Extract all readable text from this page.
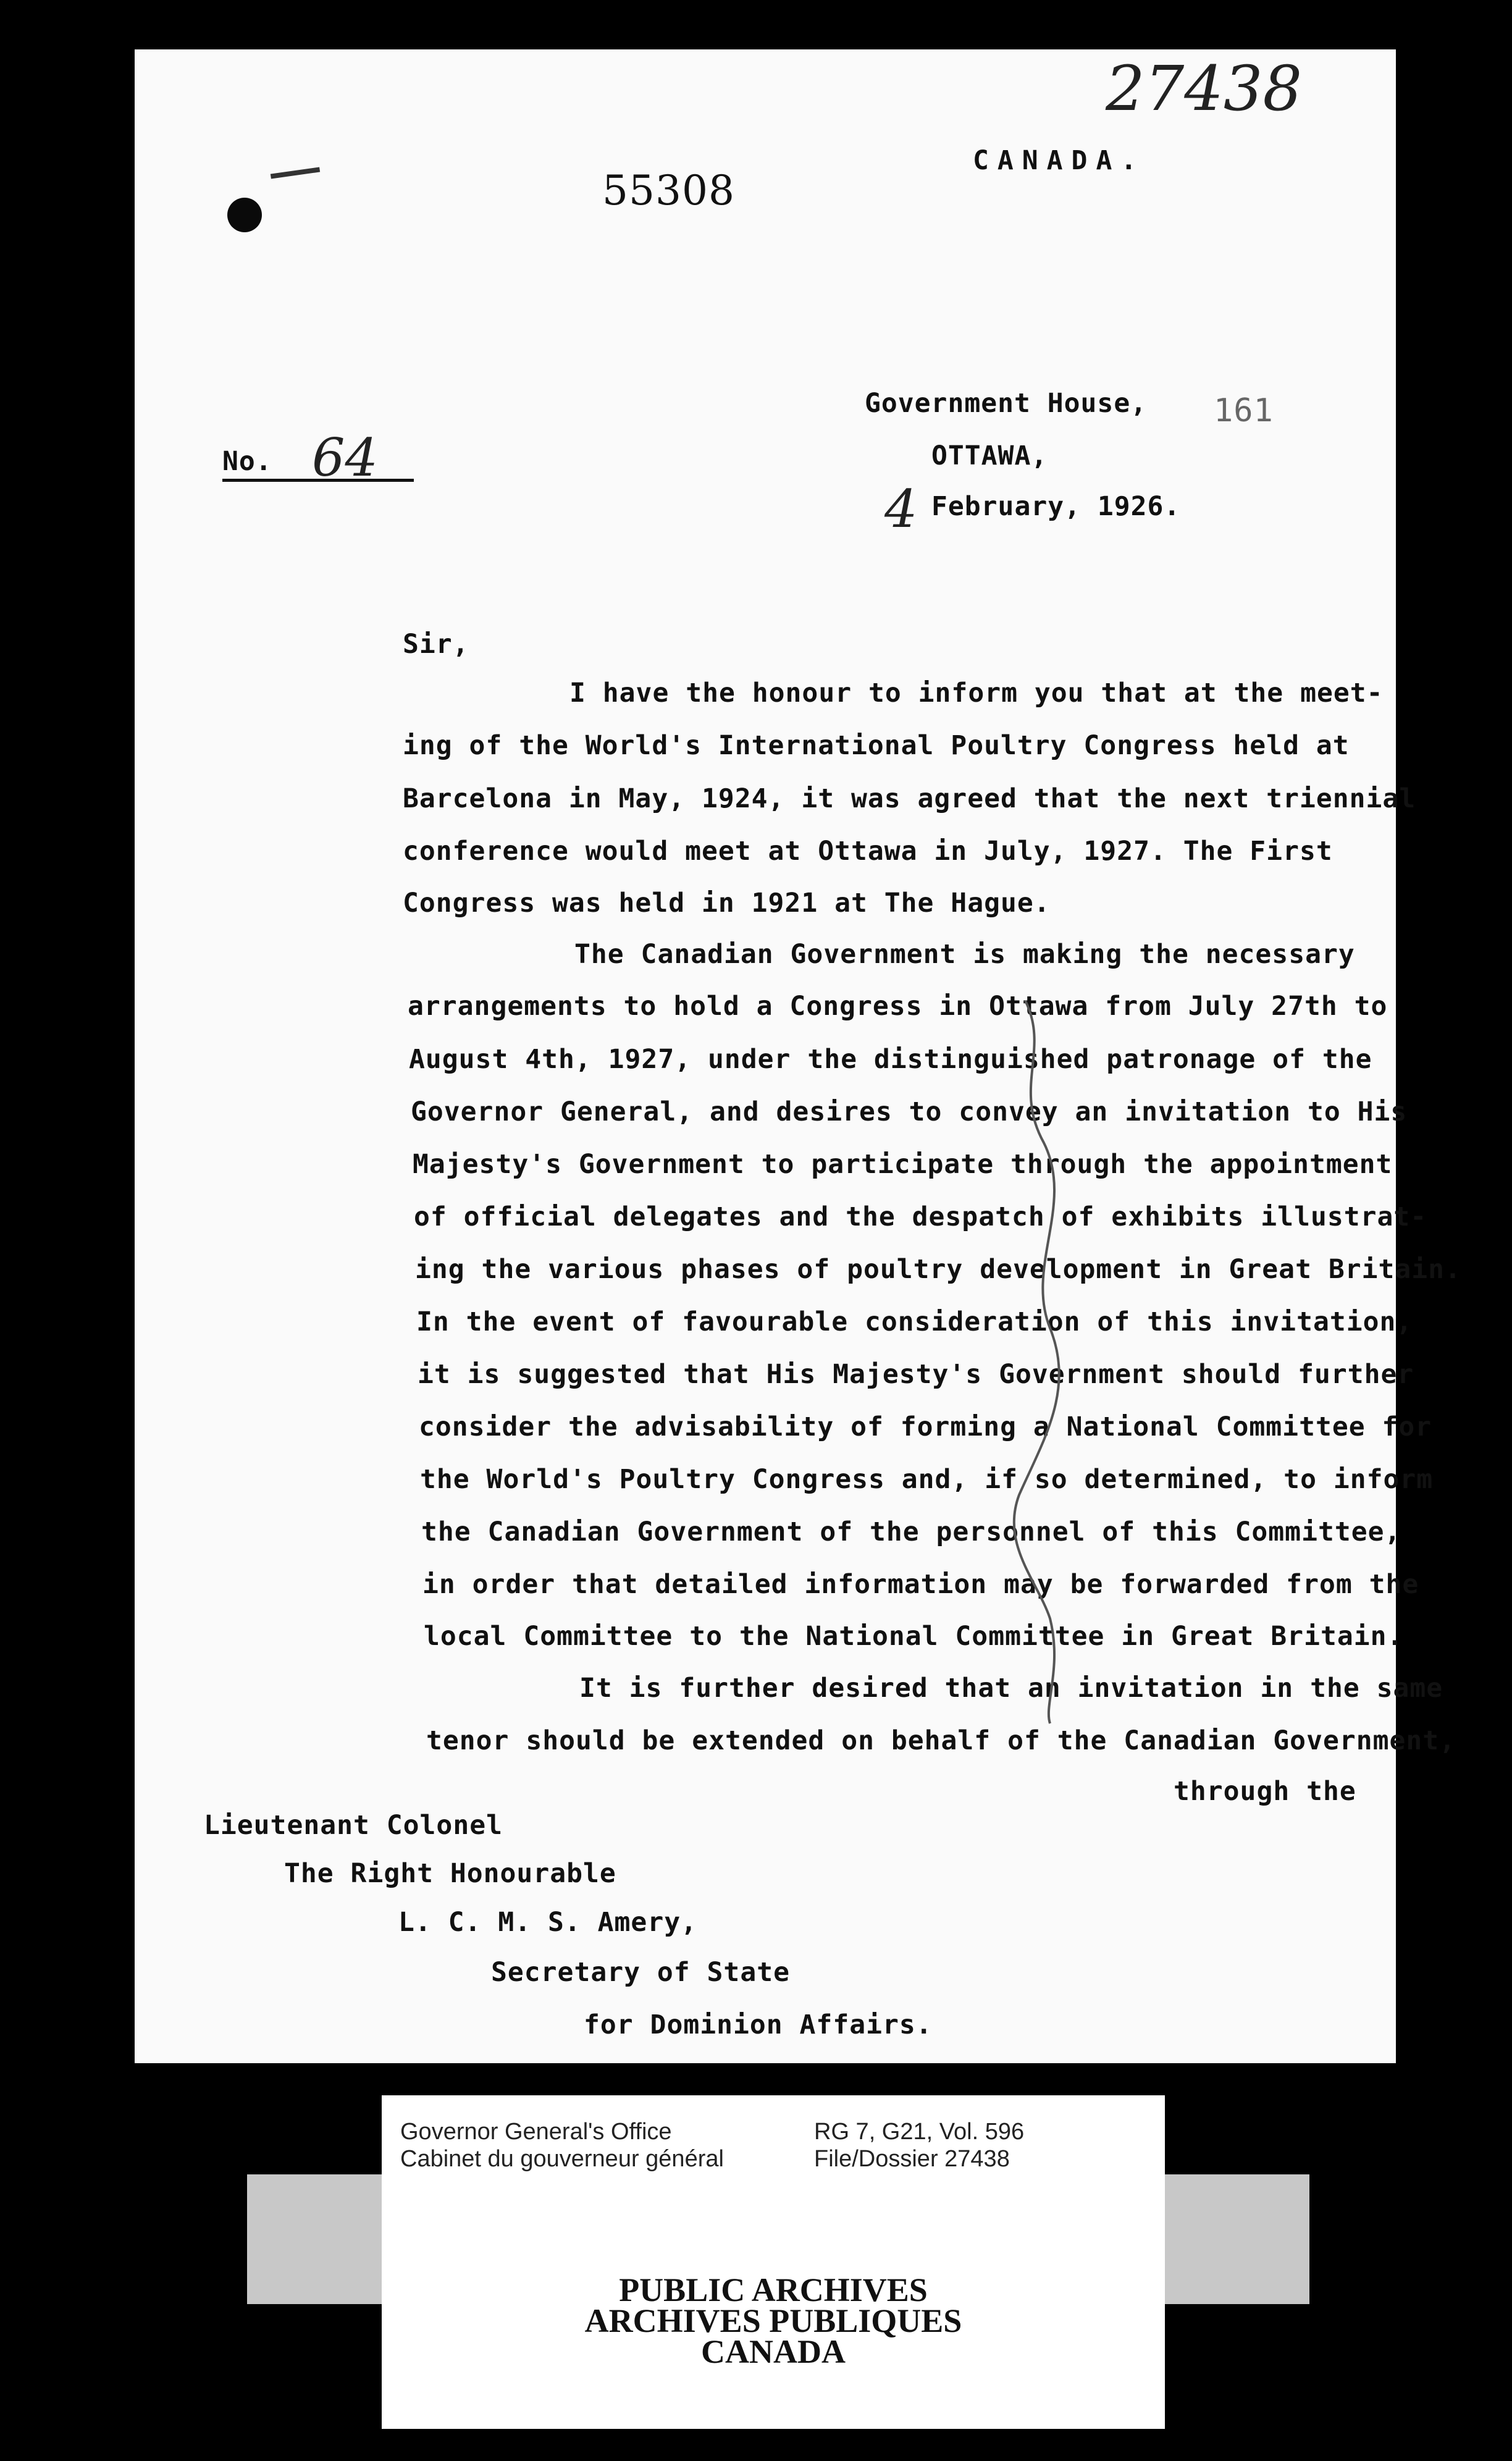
55308
27438
CANADA.
161
Government House,
OTTAWA,
4 February, 1926.
No. 64
Sir,
I have the honour to inform you that at the meet-
ing of the World's International Poultry Congress held at
Barcelona in May, 1924, it was agreed that the next triennial
conference would meet at Ottawa in July, 1927. The First
Congress was held in 1921 at The Hague.
The Canadian Government is making the necessary
arrangements to hold a Congress in Ottawa from July 27th to
August 4th, 1927, under the distinguished patronage of the
Governor General, and desires to convey an invitation to His
Majesty's Government to participate through the appointment
of official delegates and the despatch of exhibits illustrat-
ing the various phases of poultry development in Great Britain.
In the event of favourable consideration of this invitation,
it is suggested that His Majesty's Government should further
consider the advisability of forming a National Committee for
the World's Poultry Congress and, if so determined, to inform
the Canadian Government of the personnel of this Committee,
in order that detailed information may be forwarded from the
local Committee to the National Committee in Great Britain.
It is further desired that an invitation in the same
tenor should be extended on behalf of the Canadian Government,
through the
Lieutenant Colonel
The Right Honourable
L. C. M. S. Amery,
Secretary of State
for Dominion Affairs.
Governor General's Office
Cabinet du gouverneur général
RG 7, G21, Vol. 596
File/Dossier 27438
PUBLIC ARCHIVES
ARCHIVES PUBLIQUES
CANADA
